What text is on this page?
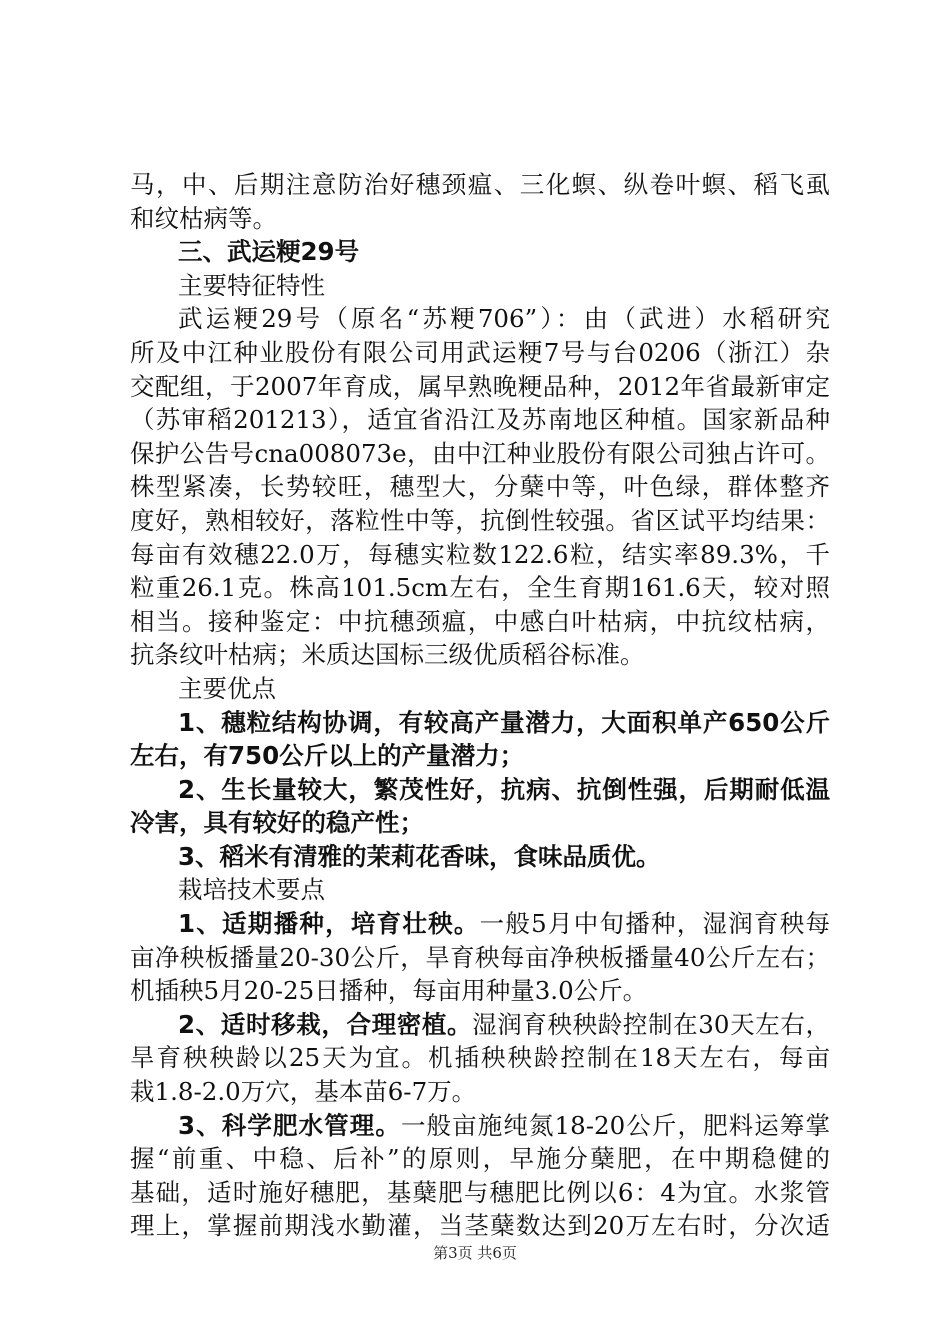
马，中、后期注意防治好穗颈瘟、三化螟、纵卷叶螟、稻飞虱
和纹枯病等。
三、武运粳29号
主要特征特性
武运粳29号（原名“苏粳706”）：由（武进）水稻研究
所及中江种业股份有限公司用武运粳7号与台0206（浙江）杂
交配组，于2007年育成，属早熟晚粳品种，2012年省最新审定
（苏审稻201213），适宜省沿江及苏南地区种植。国家新品种
保护公告号cna008073e，由中江种业股份有限公司独占许可。
株型紧凑，长势较旺，穗型大，分蘖中等，叶色绿，群体整齐
度好，熟相较好，落粒性中等，抗倒性较强。省区试平均结果：
每亩有效穗22.0万，每穗实粒数122.6粒，结实率89.3%，千
粒重26.1克。株高101.5cm左右，全生育期161.6天，较对照
相当。接种鉴定：中抗穗颈瘟，中感白叶枯病，中抗纹枯病，
抗条纹叶枯病；米质达国标三级优质稻谷标准。
主要优点
1、穗粒结构协调，有较高产量潜力，大面积单产650公斤
左右，有750公斤以上的产量潜力；
2、生长量较大，繁茂性好，抗病、抗倒性强，后期耐低温
冷害，具有较好的稳产性；
3、稻米有清雅的茉莉花香味，食味品质优。
栽培技术要点
1、适期播种，培育壮秧。一般5月中旬播种，湿润育秧每
亩净秧板播量20-30公斤，旱育秧每亩净秧板播量40公斤左右；
机插秧5月20-25日播种，每亩用种量3.0公斤。
2、适时移栽，合理密植。湿润育秧秧龄控制在30天左右，
旱育秧秧龄以25天为宜。机插秧秧龄控制在18天左右，每亩
栽1.8-2.0万穴，基本苗6-7万。
3、科学肥水管理。一般亩施纯氮18-20公斤，肥料运筹掌
握“前重、中稳、后补”的原则，早施分蘖肥，在中期稳健的
基础，适时施好穗肥，基蘖肥与穗肥比例以6：4为宜。水浆管
理上，掌握前期浅水勤灌，当茎蘖数达到20万左右时，分次适
第3页 共6页
